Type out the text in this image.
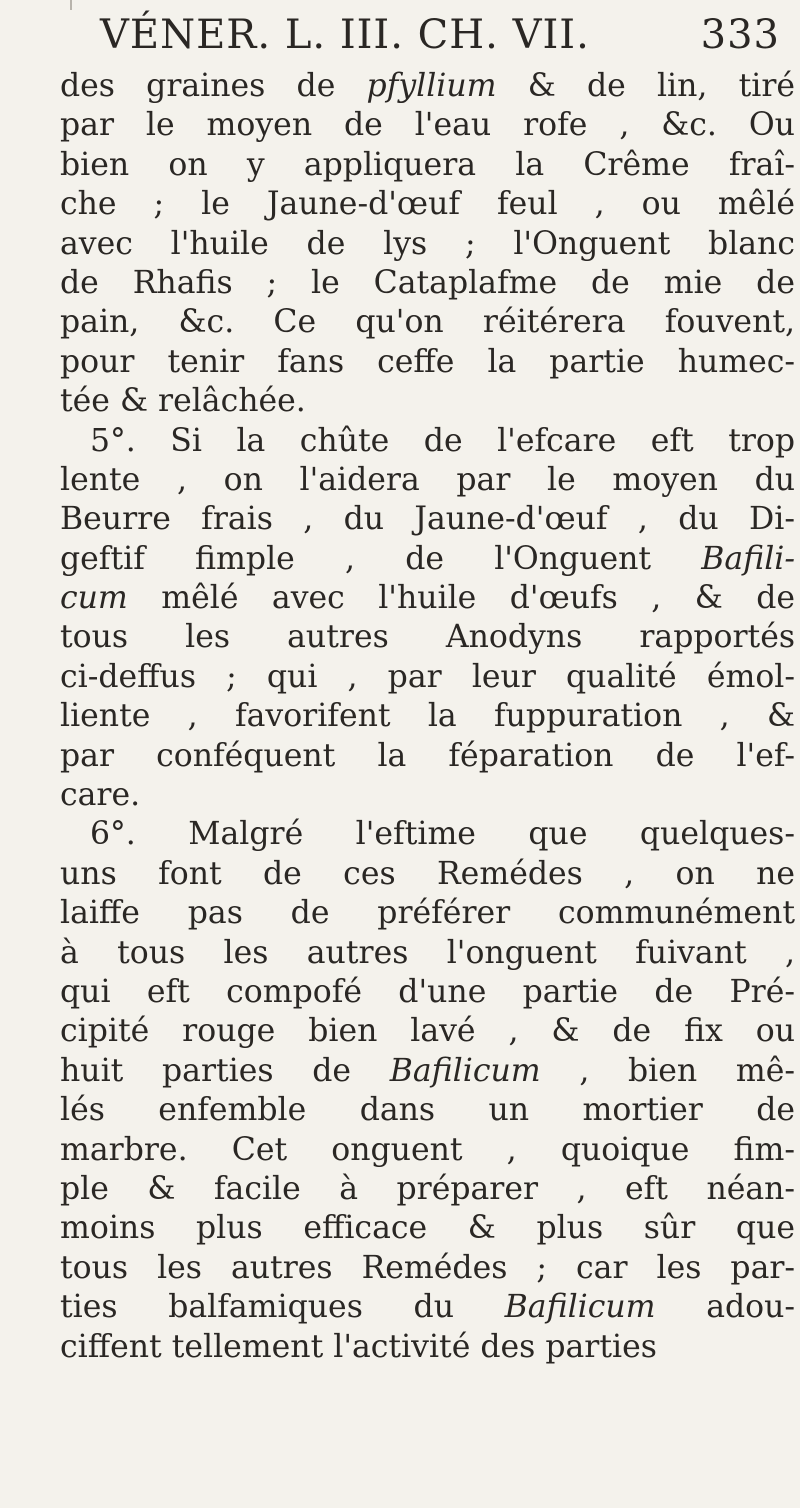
VÉNER. L. III. CH. VII.	333
des graines de pfyllium & de lin, tiré
par le moyen de l'eau rofe , &c. Ou
bien on y appliquera la Crême fraî-
che ; le Jaune-d'œuf feul , ou mêlé
avec l'huile de lys ; l'Onguent blanc
de Rhafis ; le Cataplafme de mie de
pain, &c. Ce qu'on réitérera fouvent,
pour tenir fans ceffe la partie humec-
tée & relâchée.
5°. Si la chûte de l'efcare eft trop
lente , on l'aidera par le moyen du
Beurre frais , du Jaune-d'œuf , du Di-
geftif fimple , de l'Onguent Bafili-
cum mêlé avec l'huile d'œufs , & de
tous les autres Anodyns rapportés
ci-deffus ; qui , par leur qualité émol-
liente , favorifent la fuppuration , &
par conféquent la féparation de l'ef-
care.
6°. Malgré l'eftime que quelques-
uns font de ces Remédes , on ne
laiffe pas de préférer communément
à tous les autres l'onguent fuivant ,
qui eft compofé d'une partie de Pré-
cipité rouge bien lavé , & de fix ou
huit parties de Bafilicum , bien mê-
lés enfemble dans un mortier de
marbre. Cet onguent , quoique fim-
ple & facile à préparer , eft néan-
moins plus efficace & plus sûr que
tous les autres Remédes ; car les par-
ties balfamiques du Bafilicum adou-
ciffent tellement l'activité des parties
